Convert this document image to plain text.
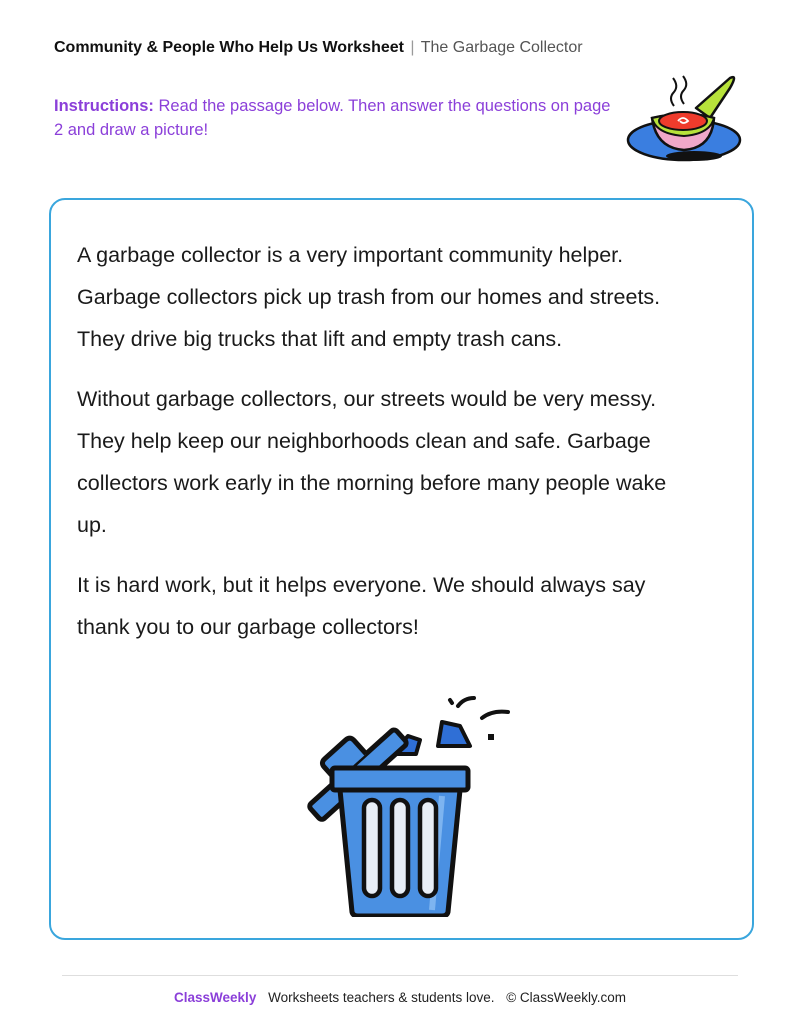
Community & People Who Help Us Worksheet | The Garbage Collector
Instructions: Read the passage below. Then answer the questions on page 2 and draw a picture!

A garbage collector is a very important community helper. Garbage collectors pick up trash from our homes and streets. They drive big trucks that lift and empty trash cans.

Without garbage collectors, our streets would be very messy. They help keep our neighborhoods clean and safe. Garbage collectors work early in the morning before many people wake up.

It is hard work, but it helps everyone. We should always say thank you to our garbage collectors!

ClassWeekly Worksheets teachers & students love. © ClassWeekly.com
